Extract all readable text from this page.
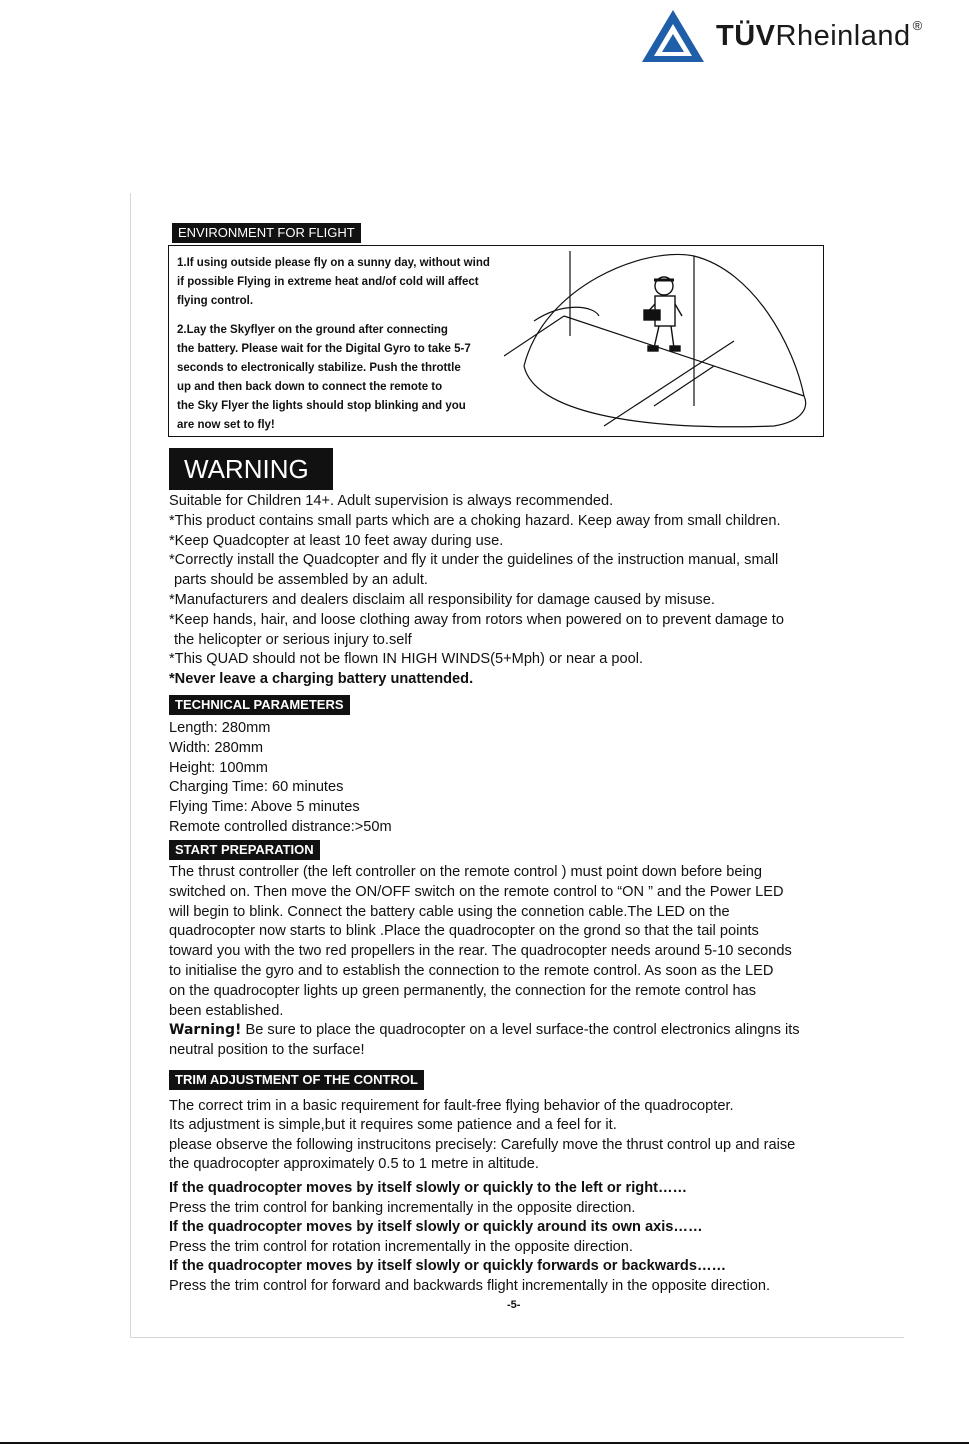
TÜVRheinland ®
ENVIRONMENT FOR FLIGHT

1.If using outside please fly on a sunny day, without wind
if possible Flying in extreme heat and/of cold will affect
flying control.

2.Lay the Skyflyer on the ground after connecting
the battery. Please wait for the Digital Gyro to take 5-7
seconds to electronically stabilize. Push the throttle
up and then back down to connect the remote to
the Sky Flyer the lights should stop blinking and you
are now set to fly!

WARNING

Suitable for Children 14+. Adult supervision is always recommended.

*This product contains small parts which are a choking hazard. Keep away from small children.

*Keep Quadcopter at least 10 feet away during use.

*Correctly install the Quadcopter and fly it under the guidelines of the instruction manual, small

parts should be assembled by an adult.

*Manufacturers and dealers disclaim all responsibility for damage caused by misuse.

*Keep hands, hair, and loose clothing away from rotors when powered on to prevent damage to

the helicopter or serious injury to.self

*This QUAD should not be flown IN HIGH WINDS(5+Mph) or near a pool.

*Never leave a charging battery unattended.

TECHNICAL PARAMETERS

Length: 280mm

Width: 280mm

Height: 100mm

Charging Time: 60 minutes

Flying Time: Above 5 minutes

Remote controlled distrance:>50m

START PREPARATION

The thrust controller (the left controller on the remote control ) must point down before being

switched on. Then move the ON/OFF switch on the remote control to “ON ” and the Power LED

will begin to blink. Connect the battery cable using the connetion cable.The LED on the

quadrocopter now starts to blink .Place the quadrocopter on the grond so that the tail points

toward you with the two red propellers in the rear. The quadrocopter needs around 5-10 seconds

to initialise the gyro and to establish the connection to the remote control. As soon as the LED

on the quadrocopter lights up green permanently, the connection for the remote control has

been established.

Warning! Be sure to place the quadrocopter on a level surface-the control electronics alingns its

neutral position to the surface!

TRIM ADJUSTMENT OF THE CONTROL

The correct trim in a basic requirement for fault-free flying behavior of the quadrocopter.

Its adjustment is simple,but it requires some patience and a feel for it.

please observe the following instrucitons precisely: Carefully move the thrust control up and raise

the quadrocopter approximately 0.5 to 1 metre in altitude.

If the quadrocopter moves by itself slowly or quickly to the left or right……

Press the trim control for banking incrementally in the opposite direction.

If the quadrocopter moves by itself slowly or quickly around its own axis……

Press the trim control for rotation incrementally in the opposite direction.

If the quadrocopter moves by itself slowly or quickly forwards or backwards……

Press the trim control for forward and backwards flight incrementally in the opposite direction.

-5-
